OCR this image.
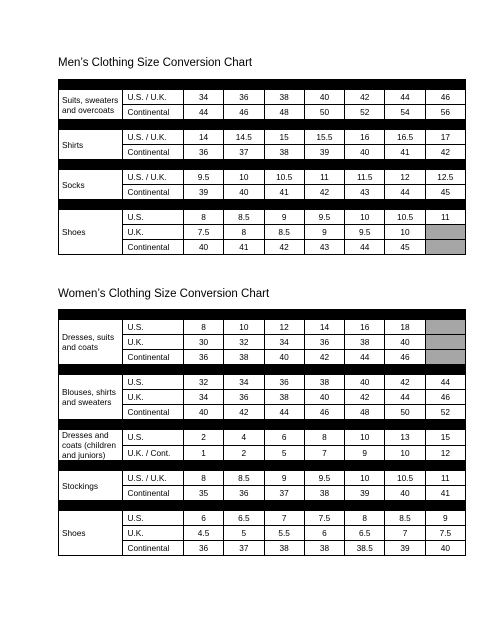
Men’s Clothing Size Conversion Chart

Suits, sweaters and overcoats	U.S. / U.K.	34	36	38	40	42	44	46
	Continental	44	46	48	50	52	54	56

Shirts	U.S. / U.K.	14	14.5	15	15.5	16	16.5	17
	Continental	36	37	38	39	40	41	42

Socks	U.S. / U.K.	9.5	10	10.5	11	11.5	12	12.5
	Continental	39	40	41	42	43	44	45

Shoes	U.S.	8	8.5	9	9.5	10	10.5	11
	U.K.	7.5	8	8.5	9	9.5	10	
	Continental	40	41	42	43	44	45	
Women’s Clothing Size Conversion Chart

Dresses, suits and coats	U.S.	8	10	12	14	16	18	
	U.K.	30	32	34	36	38	40	
	Continental	36	38	40	42	44	46	

Blouses, shirts and sweaters	U.S.	32	34	36	38	40	42	44
	U.K.	34	36	38	40	42	44	46
	Continental	40	42	44	46	48	50	52

Dresses and coats (children and juniors)	U.S.	2	4	6	8	10	13	15
	U.K. / Cont.	1	2	5	7	9	10	12

Stockings	U.S. / U.K.	8	8.5	9	9.5	10	10.5	11
	Continental	35	36	37	38	39	40	41

Shoes	U.S.	6	6.5	7	7.5	8	8.5	9
	U.K.	4.5	5	5.5	6	6.5	7	7.5
	Continental	36	37	38	38	38.5	39	40
